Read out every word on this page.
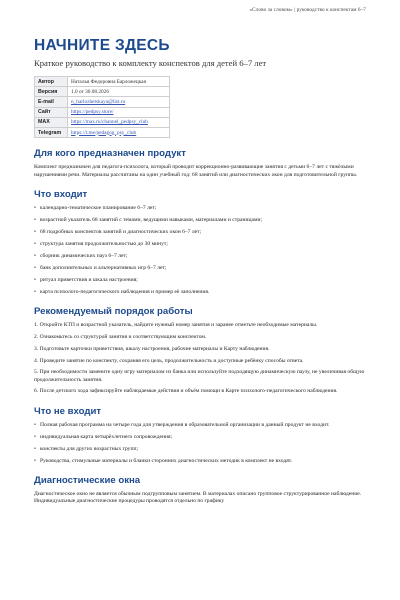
«Слово за словом» | руководство к конспектам 6–7
НАЧНИТЕ ЗДЕСЬ
Краткое руководство к комплекту конспектов для детей 6–7 лет
Автор	Наталья Федоровна Барложецкая
Версия	1.0 от 30.08.2026
E-mail	n_barlozhetskaya@list.ru
Сайт	https://pedpsy.store/
MAX	https://max.ru/channel_pedpsy_club
Telegram	https://t.me/pedagog_psy_club
Для кого предназначен продукт

Комплект предназначен для педагога-психолога, который проводит коррекционно-развивающие занятия с детьми 6–7 лет с тяжёлыми нарушениями речи. Материалы рассчитаны на один учебный год: 68 занятий или диагностических окон для подготовительной группы.

Что входит
• календарно-тематическое планирование 6–7 лет;
• возрастной указатель 68 занятий с темами, ведущими навыками, материалами и страницами;
• 68 подробных конспектов занятий и диагностических окон 6–7 лет;
• структура занятия продолжительностью до 30 минут;
• сборник динамических пауз 6–7 лет;
• банк дополнительных и альтернативных игр 6–7 лет;
• ритуал приветствия и шкала настроения;
• карта психолого-педагогического наблюдения и пример её заполнения.
Рекомендуемый порядок работы
1. Откройте КТП и возрастной указатель, найдите нужный номер занятия и заранее отметьте необходимые материалы.
2. Ознакомьтесь со структурой занятия и соответствующим конспектом.
3. Подготовьте карточки приветствия, шкалу настроения, рабочие материалы и Карту наблюдения.
4. Проведите занятие по конспекту, сохраняя его цель, продолжительность и доступные ребёнку способы ответа.
5. При необходимости замените одну игру материалом из банка или используйте подходящую динамическую паузу, не увеличивая общую продолжительность занятия.
6. После детского хода зафиксируйте наблюдаемые действия и объём помощи в Карте психолого-педагогического наблюдения.
Что не входит
• Полная рабочая программа на четыре года для утверждения в образовательной организации в данный продукт не входит.
• индивидуальная карта четырёхлетнего сопровождения;
• конспекты для других возрастных групп;
• Руководства, стимульные материалы и бланки сторонних диагностических методик в комплект не входят.
Диагностические окна

Диагностическое окно не является обычным подгрупповым занятием. В материалах описано групповое структурированное наблюдение. Индивидуальные диагностические процедуры проводятся отдельно по графику
